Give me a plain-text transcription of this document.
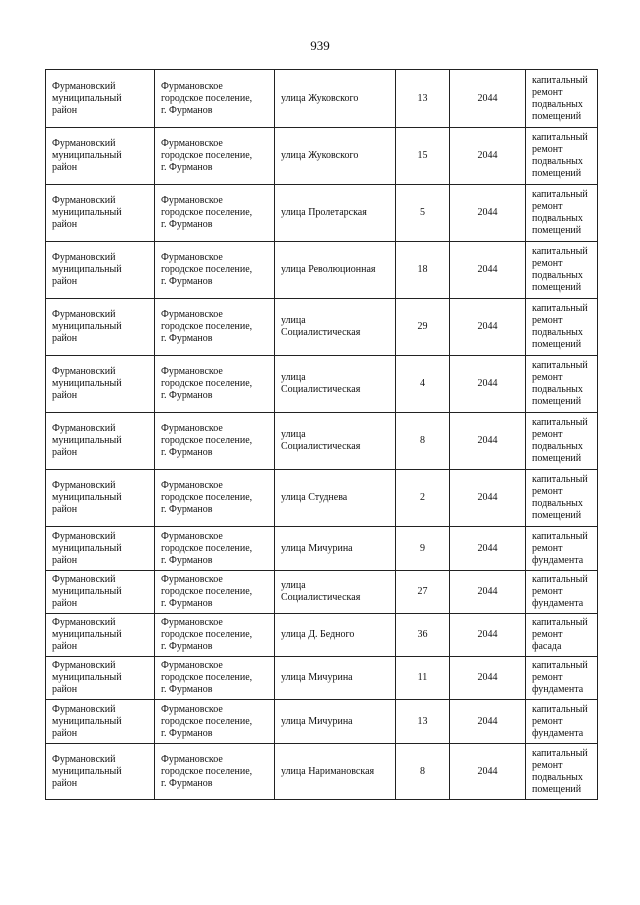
939
Фурмановский
муниципальный
район	Фурмановское
городское поселение,
г. Фурманов	улица Жуковского	13	2044	капитальный
ремонт
подвальных
помещений
Фурмановский
муниципальный
район	Фурмановское
городское поселение,
г. Фурманов	улица Жуковского	15	2044	капитальный
ремонт
подвальных
помещений
Фурмановский
муниципальный
район	Фурмановское
городское поселение,
г. Фурманов	улица Пролетарская	5	2044	капитальный
ремонт
подвальных
помещений
Фурмановский
муниципальный
район	Фурмановское
городское поселение,
г. Фурманов	улица Революционная	18	2044	капитальный
ремонт
подвальных
помещений
Фурмановский
муниципальный
район	Фурмановское
городское поселение,
г. Фурманов	улица
Социалистическая	29	2044	капитальный
ремонт
подвальных
помещений
Фурмановский
муниципальный
район	Фурмановское
городское поселение,
г. Фурманов	улица
Социалистическая	4	2044	капитальный
ремонт
подвальных
помещений
Фурмановский
муниципальный
район	Фурмановское
городское поселение,
г. Фурманов	улица
Социалистическая	8	2044	капитальный
ремонт
подвальных
помещений
Фурмановский
муниципальный
район	Фурмановское
городское поселение,
г. Фурманов	улица Студнева	2	2044	капитальный
ремонт
подвальных
помещений
Фурмановский
муниципальный
район	Фурмановское
городское поселение,
г. Фурманов	улица Мичурина	9	2044	капитальный
ремонт
фундамента
Фурмановский
муниципальный
район	Фурмановское
городское поселение,
г. Фурманов	улица
Социалистическая	27	2044	капитальный
ремонт
фундамента
Фурмановский
муниципальный
район	Фурмановское
городское поселение,
г. Фурманов	улица Д. Бедного	36	2044	капитальный
ремонт фасада
Фурмановский
муниципальный
район	Фурмановское
городское поселение,
г. Фурманов	улица Мичурина	11	2044	капитальный
ремонт
фундамента
Фурмановский
муниципальный
район	Фурмановское
городское поселение,
г. Фурманов	улица Мичурина	13	2044	капитальный
ремонт
фундамента
Фурмановский
муниципальный
район	Фурмановское
городское поселение,
г. Фурманов	улица Наримановская	8	2044	капитальный
ремонт
подвальных
помещений
